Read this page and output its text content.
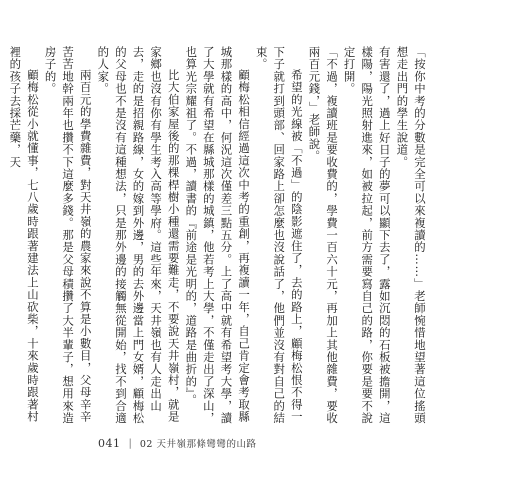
「按你中考的分數是完全可以來複讀的……」老師惋惜地望著這位搖頭想走出門的學生說道。

有害還了，過上好日子的夢可以顯下去了，露如沉悶的石板被擔開，這樣陽，陽光照射進來，如被拉起，前方需要寫自己的路，你要是要不說定打開。

「不過，複讀班是要收費的，學費一百六十元，再加上其他雜費，要收兩百元錢，」老師說。

希望的光線被「不過」的陰影遮住了，去的路上，顧梅松恨不得一下子就打到頭部、回家路上卻怎麼也沒說話了，他們並沒有對自己的結束。

顧梅松相信經過這次中考的重創，再複讀一年，自己肯定會考取縣城那樣的高中，何況這次僅差三點五分。上了高中就有希望考大學，讀了大學就有希望在縣城那樣的城鎮，他若考上大學，不僅走出了深山，也算光宗耀祖了。不過，讀書的『前途是光明的，道路是曲折的』。

比大伯家屋後的那棵桿樹小種還需要難走，不要說天井嶺村，就是家鄉也沒有你有學生考入高等學府。這些年來，天井嶺也有人走出山去，走的是招親路線，女的嫁到外邊，男的去外邊當上門女婿，顧梅松的父母也不是沒有這種想法，只是那外邊的接觸無從開始，找不到合適的人家。

兩百元的學費雜費，對天井嶺的農家來說不算是小數目，父母辛辛苦苦地幹兩年也攢不下這麼多錢。那是父母積攢了大半輩子，想用來造房子的。

顧梅松從小就懂事，七八歲時跟著建法上山砍柴，十來歲時跟著村裡的孩子去採芒藥，天

041 | 02 天井嶺那條彎彎的山路
